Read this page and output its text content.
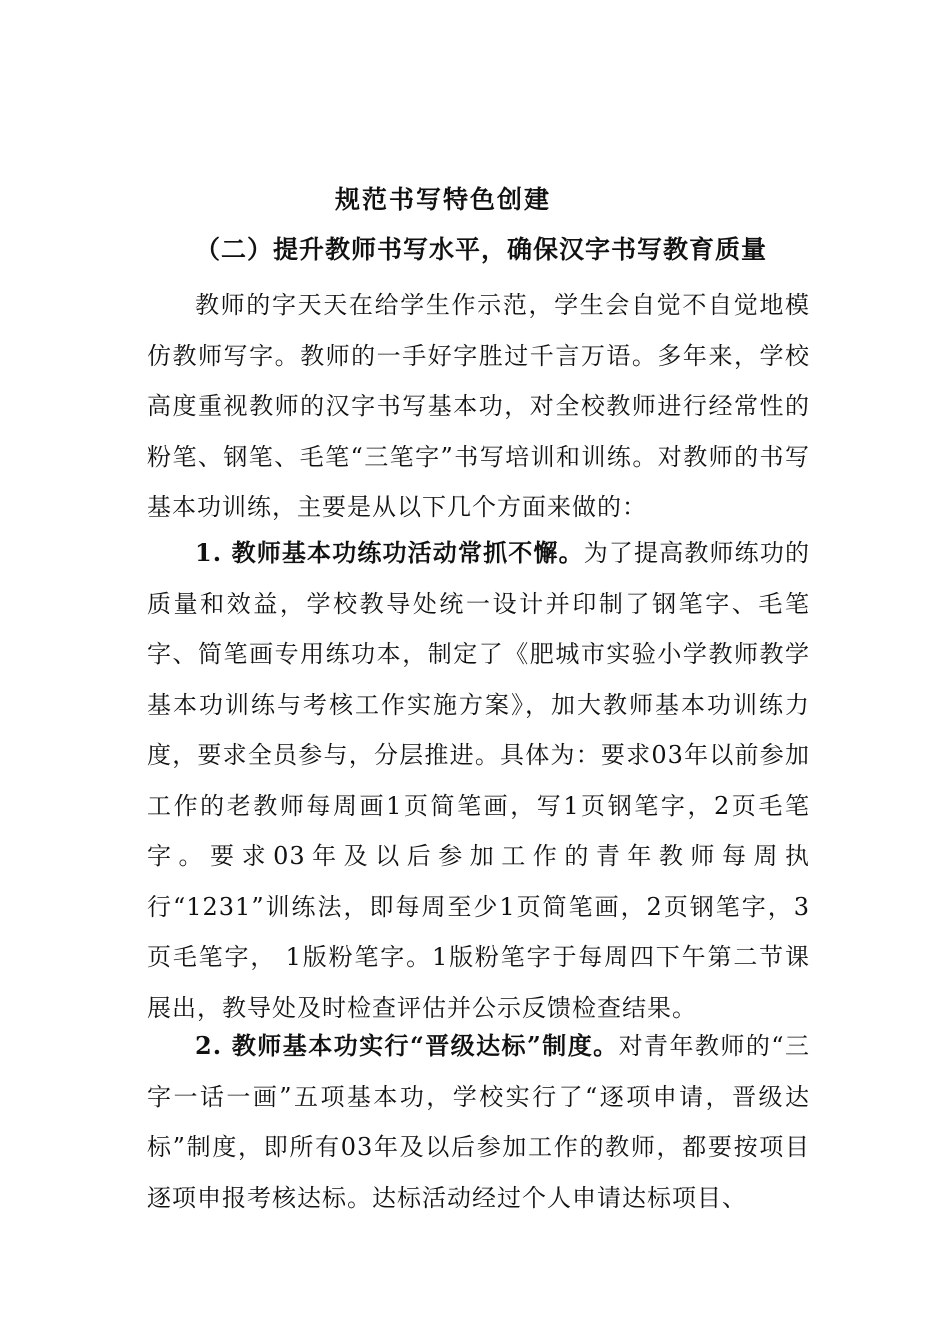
规范书写特色创建
（二）提升教师书写水平，确保汉字书写教育质量

教师的字天天在给学生作示范，学生会自觉不自觉地模仿教师写字。教师的一手好字胜过千言万语。多年来，学校高度重视教师的汉字书写基本功，对全校教师进行经常性的粉笔、钢笔、毛笔“三笔字”书写培训和训练。对教师的书写基本功训练，主要是从以下几个方面来做的：

1. 教师基本功练功活动常抓不懈。为了提高教师练功的质量和效益，学校教导处统一设计并印制了钢笔字、毛笔字、简笔画专用练功本，制定了《肥城市实验小学教师教学基本功训练与考核工作实施方案》，加大教师基本功训练力度，要求全员参与，分层推进。具体为：要求03年以前参加工作的老教师每周画1页简笔画，写1页钢笔字，2页毛笔字。要求03年及以后参加工作的青年教师每周执行“1231”训练法，即每周至少1页简笔画，2页钢笔字，3页毛笔字， 1版粉笔字。1版粉笔字于每周四下午第二节课展出，教导处及时检查评估并公示反馈检查结果。

2. 教师基本功实行“晋级达标”制度。对青年教师的“三字一话一画”五项基本功，学校实行了“逐项申请，晋级达标”制度，即所有03年及以后参加工作的教师，都要按项目逐项申报考核达标。达标活动经过个人申请达标项目、
